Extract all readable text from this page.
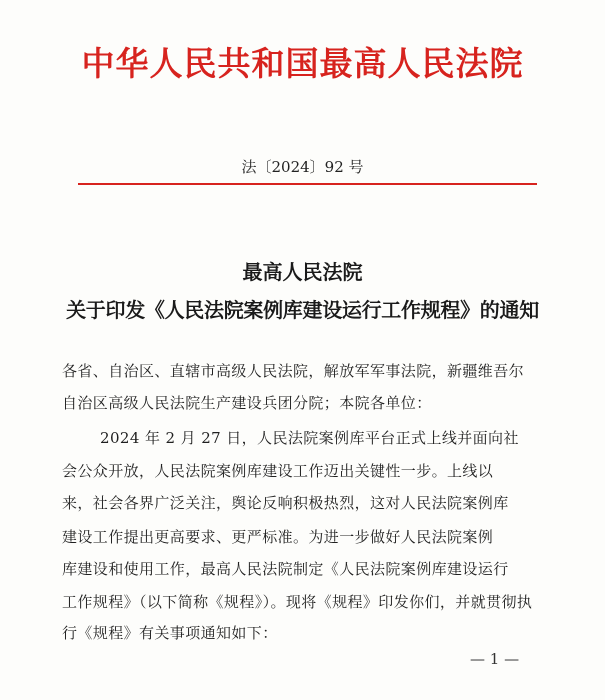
中华人民共和国最高人民法院
法〔2024〕92 号
最高人民法院
关于印发《人民法院案例库建设运行工作规程》的通知
各省、自治区、直辖市高级人民法院，解放军军事法院，新疆维吾尔
自治区高级人民法院生产建设兵团分院；本院各单位：
2024 年 2 月 27 日，人民法院案例库平台正式上线并面向社
会公众开放，人民法院案例库建设工作迈出关键性一步。上线以
来，社会各界广泛关注，舆论反响积极热烈，这对人民法院案例库
建设工作提出更高要求、更严标准。为进一步做好人民法院案例
库建设和使用工作，最高人民法院制定《人民法院案例库建设运行
工作规程》（以下简称《规程》）。现将《规程》印发你们，并就贯彻执
行《规程》有关事项通知如下：
— 1 —
